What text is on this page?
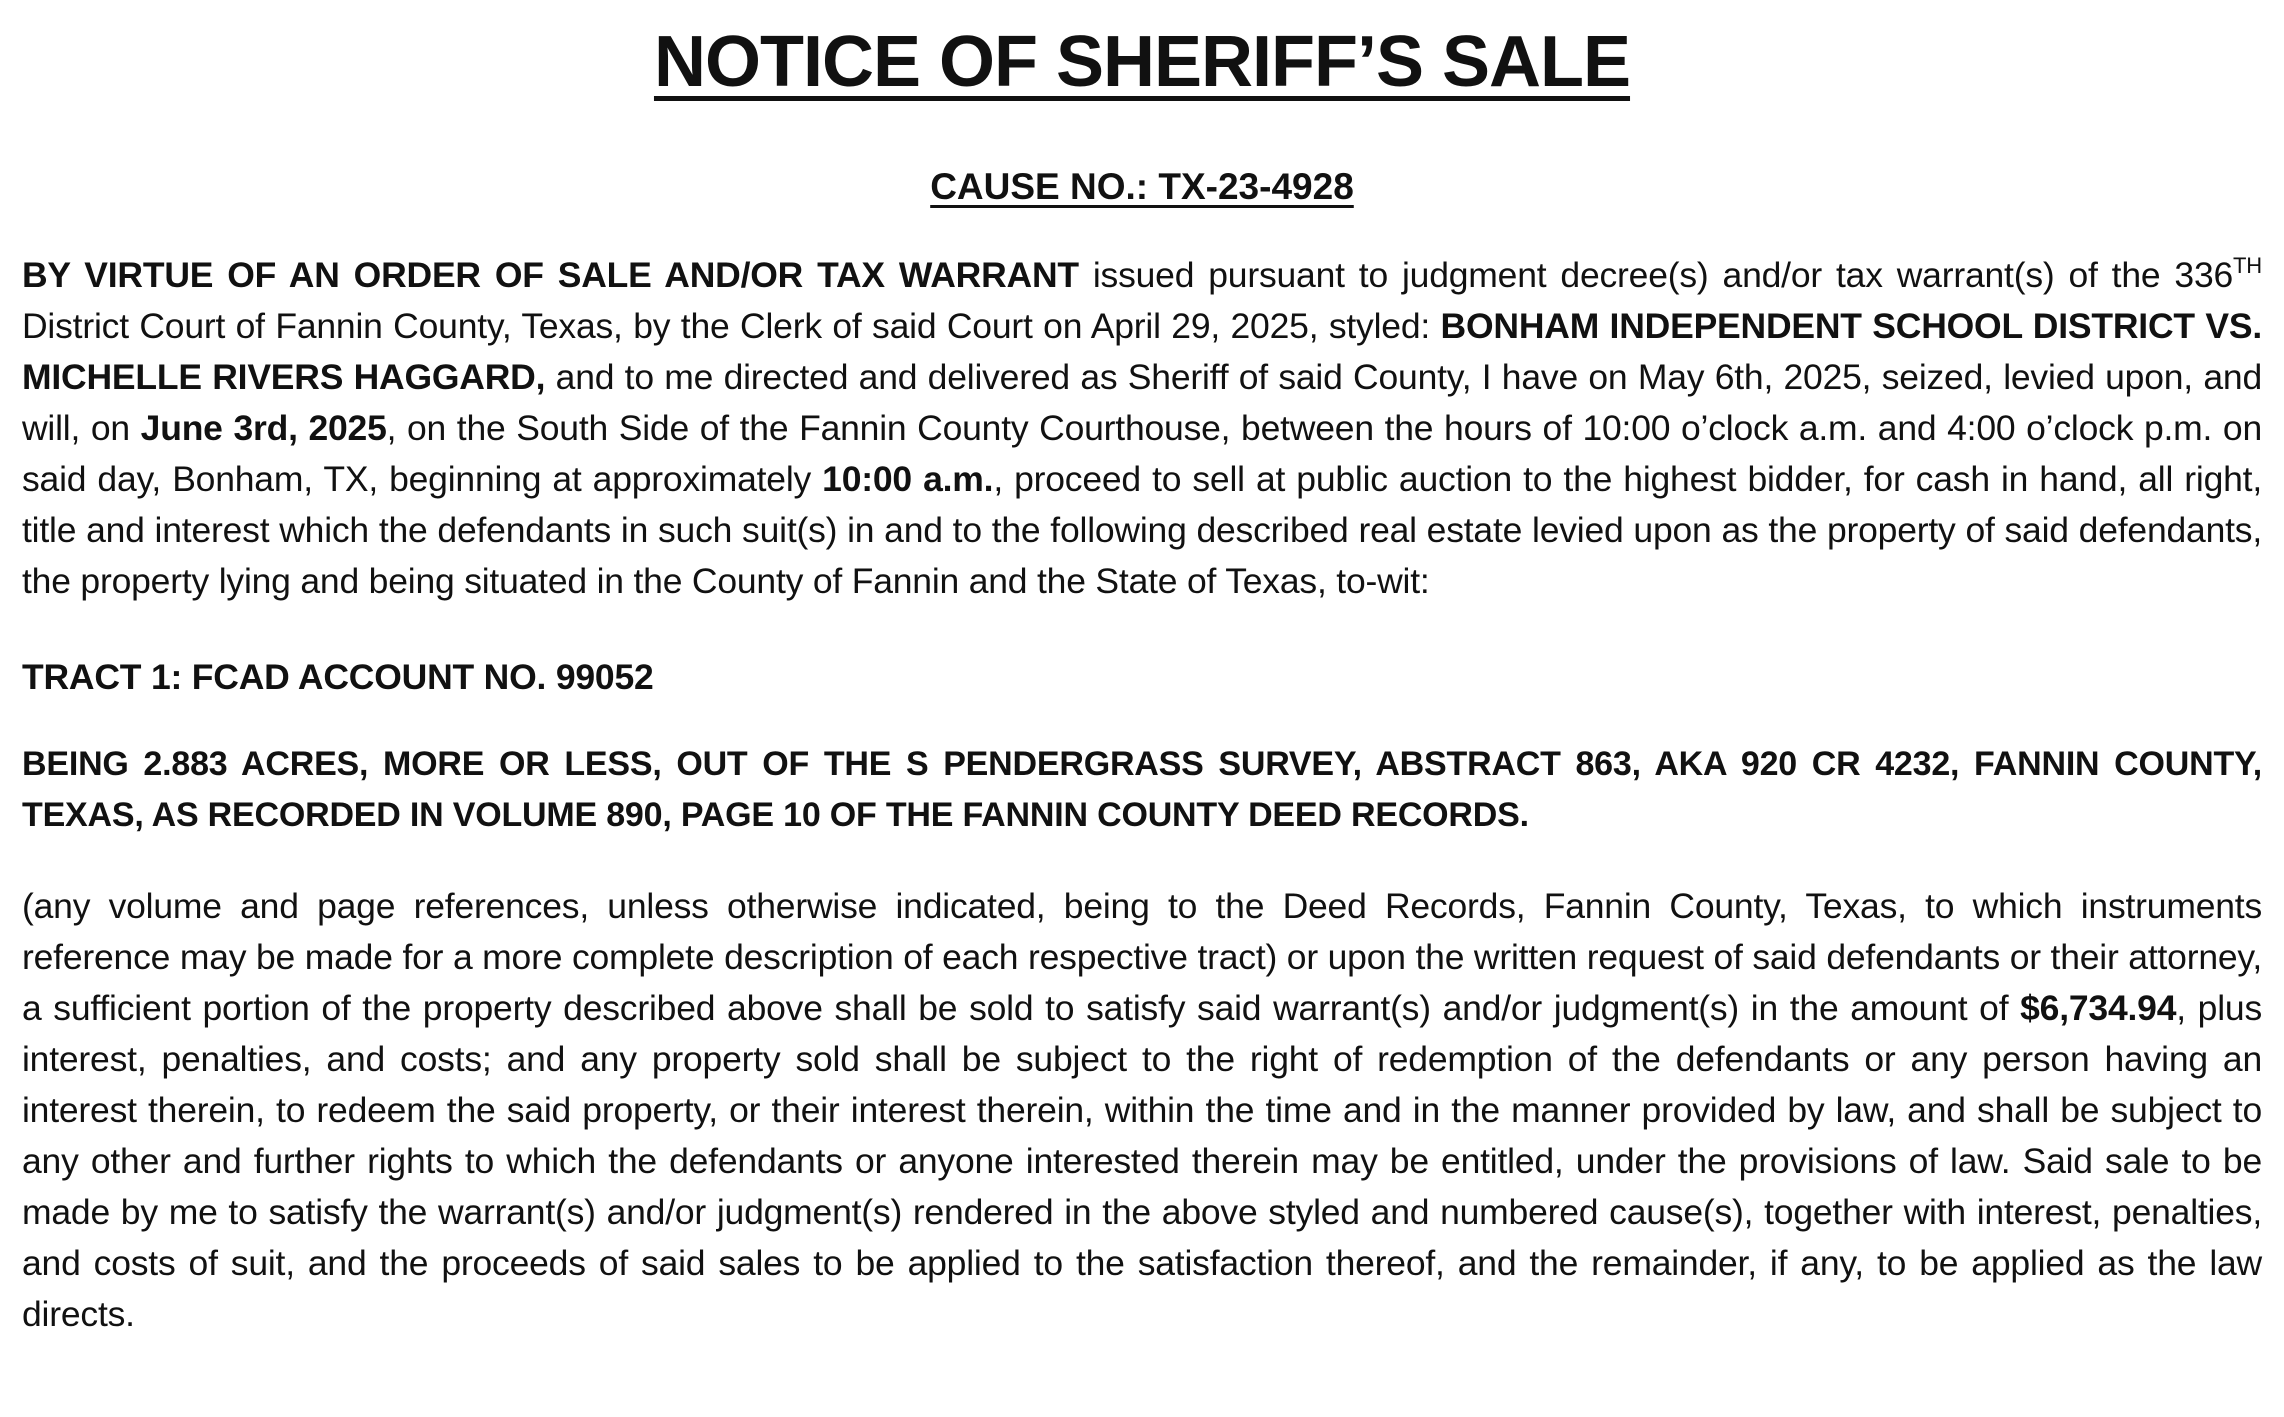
NOTICE OF SHERIFF’S SALE
CAUSE NO.: TX-23-4928

BY VIRTUE OF AN ORDER OF SALE AND/OR TAX WARRANT issued pursuant to judgment decree(s) and/or tax warrant(s) of the 336TH District Court of Fannin County, Texas, by the Clerk of said Court on April 29, 2025, styled: BONHAM INDEPENDENT SCHOOL DISTRICT VS. MICHELLE RIVERS HAGGARD, and to me directed and delivered as Sheriff of said County, I have on May 6th, 2025, seized, levied upon, and will, on June 3rd, 2025, on the South Side of the Fannin County Courthouse, between the hours of 10:00 o’clock a.m. and 4:00 o’clock p.m. on said day, Bonham, TX, beginning at approximately 10:00 a.m., proceed to sell at public auction to the highest bidder, for cash in hand, all right, title and interest which the defendants in such suit(s) in and to the following described real estate levied upon as the property of said defendants, the property lying and being situated in the County of Fannin and the State of Texas, to-wit:

TRACT 1: FCAD ACCOUNT NO. 99052

BEING 2.883 ACRES, MORE OR LESS, OUT OF THE S PENDERGRASS SURVEY, ABSTRACT 863, AKA 920 CR 4232, FANNIN COUNTY, TEXAS, AS RECORDED IN VOLUME 890, PAGE 10 OF THE FANNIN COUNTY DEED RECORDS.

(any volume and page references, unless otherwise indicated, being to the Deed Records, Fannin County, Texas, to which instruments reference may be made for a more complete description of each respective tract) or upon the written request of said defendants or their attorney, a sufficient portion of the property described above shall be sold to satisfy said warrant(s) and/or judgment(s) in the amount of $6,734.94, plus interest, penalties, and costs; and any property sold shall be subject to the right of redemption of the defendants or any person having an interest therein, to redeem the said property, or their interest therein, within the time and in the manner provided by law, and shall be subject to any other and further rights to which the defendants or anyone interested therein may be entitled, under the provisions of law. Said sale to be made by me to satisfy the warrant(s) and/or judgment(s) rendered in the above styled and numbered cause(s), together with interest, penalties, and costs of suit, and the proceeds of said sales to be applied to the satisfaction thereof, and the remainder, if any, to be applied as the law directs.
